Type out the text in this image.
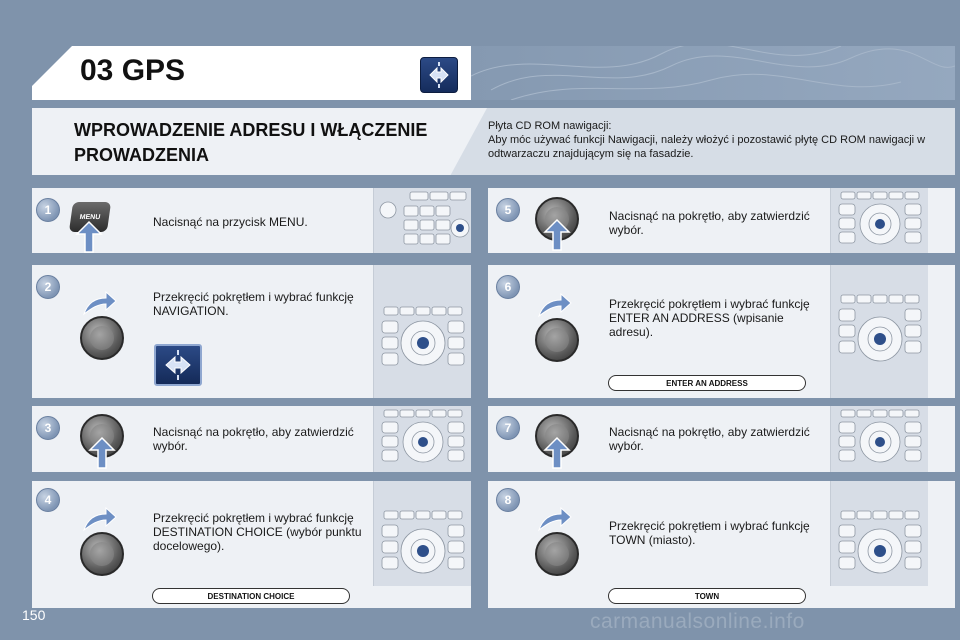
03 GPS
WPROWADZENIE ADRESU I WŁĄCZENIE PROWADZENIA
Płyta CD ROM nawigacji:
Aby móc używać funkcji Nawigacji, należy włożyć i pozostawić płytę CD ROM nawigacji w odtwarzaczu znajdującym się na fasadzie.
1	MENU	Nacisnąć na przycisk MENU.
2
Przekręcić pokrętłem i wybrać funkcję NAVIGATION.
3	Nacisnąć na pokrętło, aby zatwierdzić wybór.
4
Przekręcić pokrętłem i wybrać funkcję DESTINATION CHOICE (wybór punktu docelowego).
DESTINATION CHOICE
5	Nacisnąć na pokrętło, aby zatwierdzić wybór.
6
Przekręcić pokrętłem i wybrać funkcję ENTER AN ADDRESS (wpisanie adresu).
ENTER AN ADDRESS
7	Nacisnąć na pokrętło, aby zatwierdzić wybór.
8
Przekręcić pokrętłem i wybrać funkcję TOWN (miasto).
TOWN
150	carmanualsonline.info
